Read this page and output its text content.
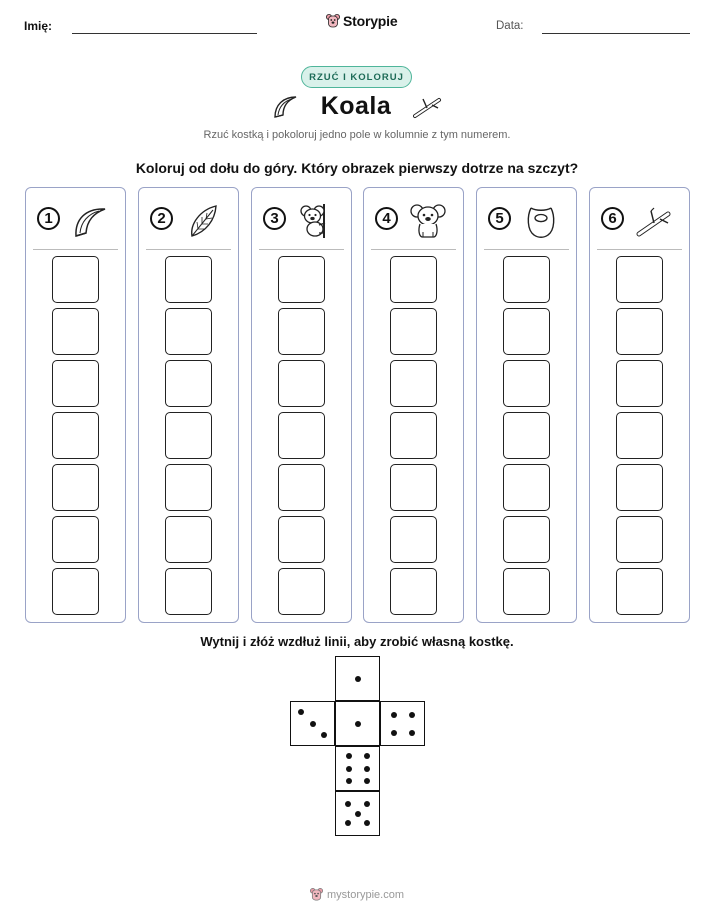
Imię:	Storypie	Data:
RZUĆ I KOLORUJ
Koala
Rzuć kostką i pokoloruj jedno pole w kolumnie z tym numerem.
Koloruj od dołu do góry. Który obrazek pierwszy dotrze na szczyt?
1	2	3	4	5	6
Wytnij i złóż wzdłuż linii, aby zrobić własną kostkę.
mystorypie.com
